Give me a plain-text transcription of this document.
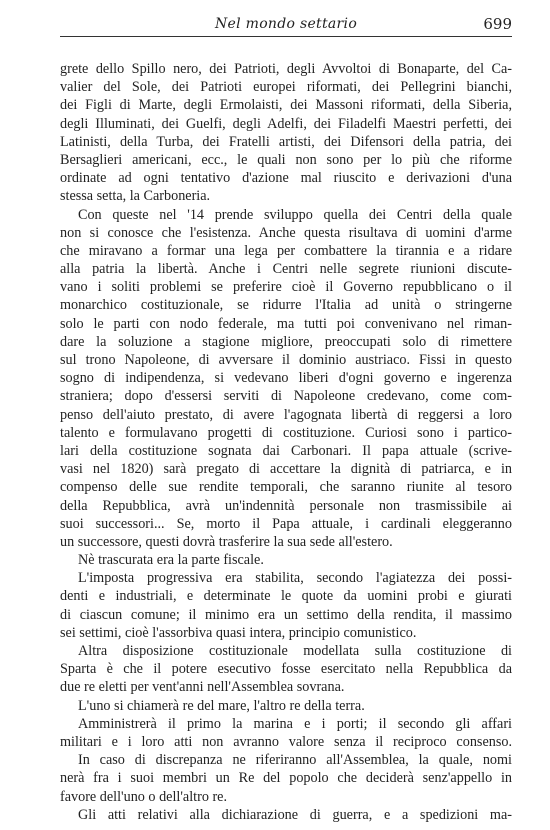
Nel mondo settario	699
grete dello Spillo nero, dei Patrioti, degli Avvoltoi di Bonaparte, del Ca-
valier del Sole, dei Patrioti europei riformati, dei Pellegrini bianchi,
dei Figli di Marte, degli Ermolaisti, dei Massoni riformati, della Siberia,
degli Illuminati, dei Guelfi, degli Adelfi, dei Filadelfi Maestri perfetti, dei
Latinisti, della Turba, dei Fratelli artisti, dei Difensori della patria, dei
Bersaglieri americani, ecc., le quali non sono per lo più che riforme
ordinate ad ogni tentativo d'azione mal riuscito e derivazioni d'una
stessa setta, la Carboneria.
Con queste nel '14 prende sviluppo quella dei Centri della quale
non si conosce che l'esistenza. Anche questa risultava di uomini d'arme
che miravano a formar una lega per combattere la tirannia e a ridare
alla patria la libertà. Anche i Centri nelle segrete riunioni discute-
vano i soliti problemi se preferire cioè il Governo repubblicano o il
monarchico costituzionale, se ridurre l'Italia ad unità o stringerne
solo le parti con nodo federale, ma tutti poi convenivano nel riman-
dare la soluzione a stagione migliore, preoccupati solo di rimettere
sul trono Napoleone, di avversare il dominio austriaco. Fissi in questo
sogno di indipendenza, si vedevano liberi d'ogni governo e ingerenza
straniera; dopo d'essersi serviti di Napoleone credevano, come com-
penso dell'aiuto prestato, di avere l'agognata libertà di reggersi a loro
talento e formulavano progetti di costituzione. Curiosi sono i partico-
lari della costituzione sognata dai Carbonari. Il papa attuale (scrive-
vasi nel 1820) sarà pregato di accettare la dignità di patriarca, e in
compenso delle sue rendite temporali, che saranno riunite al tesoro
della Repubblica, avrà un'indennità personale non trasmissibile ai
suoi successori... Se, morto il Papa attuale, i cardinali eleggeranno
un successore, questi dovrà trasferire la sua sede all'estero.
Nè trascurata era la parte fiscale.
L'imposta progressiva era stabilita, secondo l'agiatezza dei possi-
denti e industriali, e determinate le quote da uomini probi e giurati
di ciascun comune; il minimo era un settimo della rendita, il massimo
sei settimi, cioè l'assorbiva quasi intera, principio comunistico.
Altra disposizione costituzionale modellata sulla costituzione di
Sparta è che il potere esecutivo fosse esercitato nella Repubblica da
due re eletti per vent'anni nell'Assemblea sovrana.
L'uno si chiamerà re del mare, l'altro re della terra.
Amministrerà il primo la marina e i porti; il secondo gli affari
militari e i loro atti non avranno valore senza il reciproco consenso.
In caso di discrepanza ne riferiranno all'Assemblea, la quale, nomi
nerà fra i suoi membri un Re del popolo che deciderà senz'appello in
favore dell'uno o dell'altro re.
Gli atti relativi alla dichiarazione di guerra, e a spedizioni ma-
